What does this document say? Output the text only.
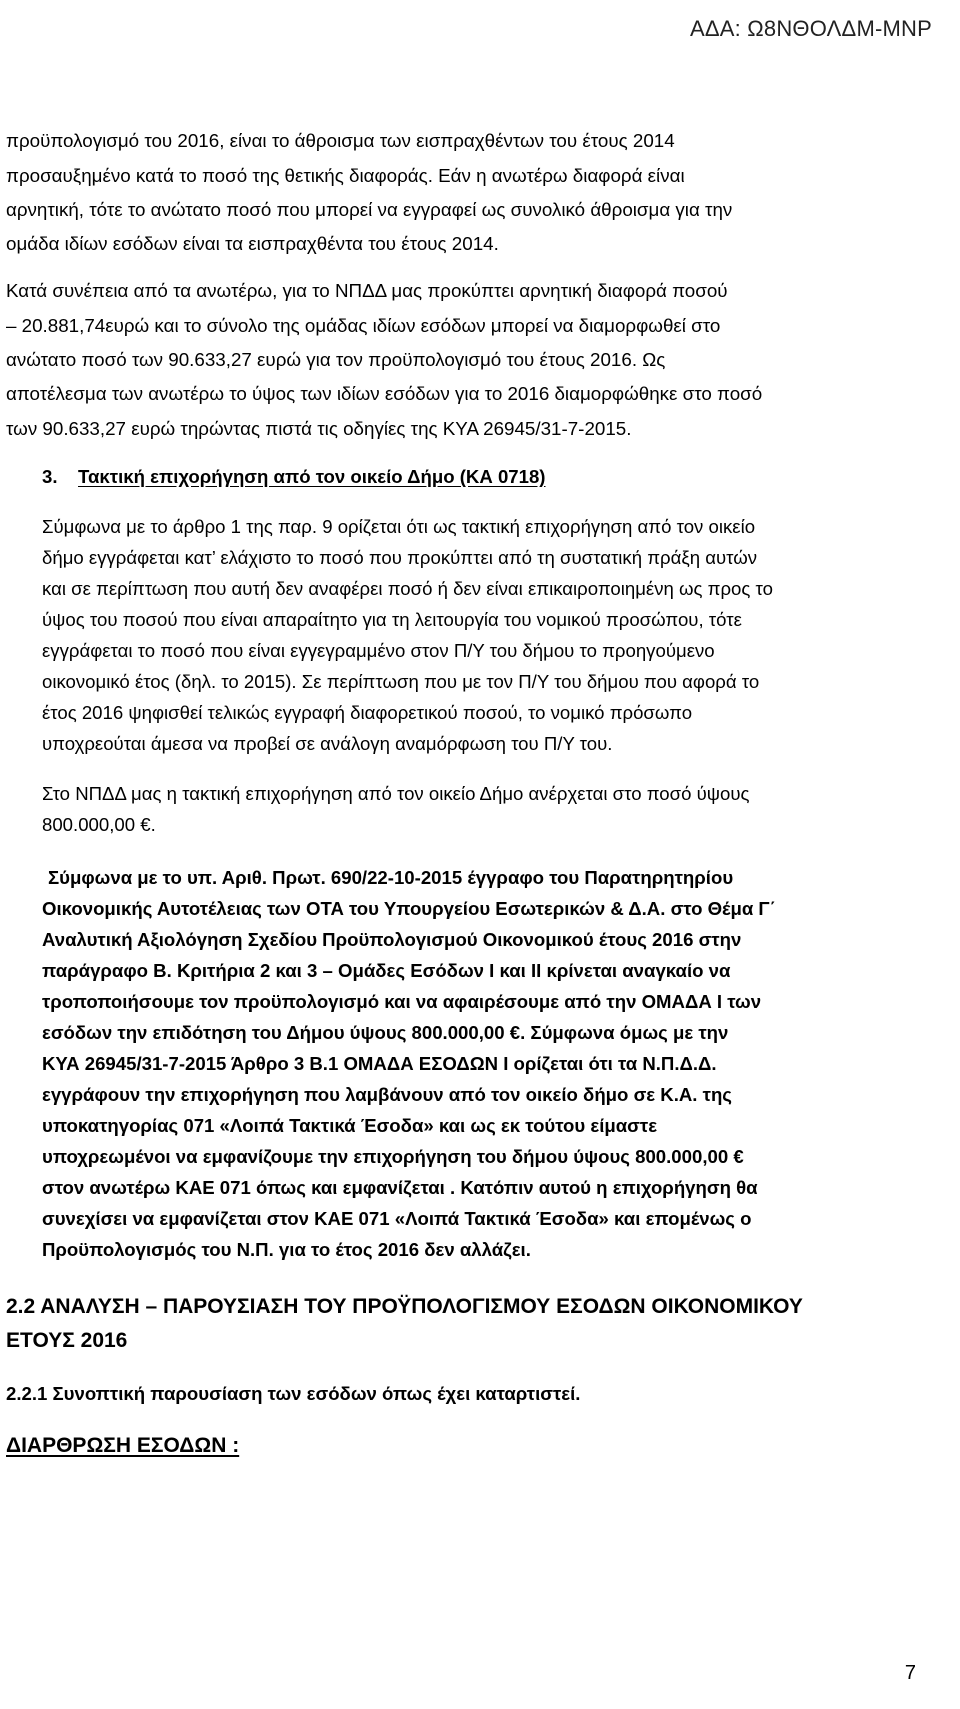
ΑΔΑ: Ω8ΝΘΟΛΔΜ-ΜΝΡ
προϋπολογισμό του 2016, είναι το άθροισμα των εισπραχθέντων του έτους 2014
προσαυξημένο κατά το ποσό της θετικής διαφοράς. Εάν η ανωτέρω διαφορά είναι
αρνητική, τότε το ανώτατο ποσό που μπορεί να εγγραφεί ως συνολικό άθροισμα για την
ομάδα ιδίων εσόδων είναι τα εισπραχθέντα του έτους 2014.
Κατά συνέπεια από τα ανωτέρω, για το ΝΠΔΔ μας προκύπτει αρνητική διαφορά ποσού
– 20.881,74ευρώ και το σύνολο της ομάδας ιδίων εσόδων μπορεί να διαμορφωθεί στο
ανώτατο ποσό των 90.633,27 ευρώ για τον προϋπολογισμό του έτους 2016. Ως
αποτέλεσμα των ανωτέρω το ύψος των ιδίων εσόδων για το 2016 διαμορφώθηκε στο ποσό
των 90.633,27 ευρώ τηρώντας πιστά τις οδηγίες της ΚΥΑ 26945/31-7-2015.
3. Τακτική επιχορήγηση από τον οικείο Δήμο (ΚΑ 0718)
Σύμφωνα με το άρθρο 1 της παρ. 9 ορίζεται ότι ως τακτική επιχορήγηση από τον οικείο
δήμο εγγράφεται κατ’ ελάχιστο το ποσό που προκύπτει από τη συστατική πράξη αυτών
και σε περίπτωση που αυτή δεν αναφέρει ποσό ή δεν είναι επικαιροποιημένη ως προς το
ύψος του ποσού που είναι απαραίτητο για τη λειτουργία του νομικού προσώπου, τότε
εγγράφεται το ποσό που είναι εγγεγραμμένο στον Π/Υ του δήμου το προηγούμενο
οικονομικό έτος (δηλ. το 2015). Σε περίπτωση που με τον Π/Υ του δήμου που αφορά το
έτος 2016 ψηφισθεί τελικώς εγγραφή διαφορετικού ποσού, το νομικό πρόσωπο
υποχρεούται άμεσα να προβεί σε ανάλογη αναμόρφωση του Π/Υ του.
Στο ΝΠΔΔ μας η τακτική επιχορήγηση από τον οικείο Δήμο ανέρχεται στο ποσό ύψους
800.000,00 €.
Σύμφωνα με το υπ. Αριθ. Πρωτ. 690/22-10-2015 έγγραφο του Παρατηρητηρίου
Οικονομικής Αυτοτέλειας των ΟΤΑ του Υπουργείου Εσωτερικών & Δ.Α. στο Θέμα Γ΄
Αναλυτική Αξιολόγηση Σχεδίου Προϋπολογισμού Οικονομικού έτους 2016 στην
παράγραφο Β. Κριτήρια 2 και 3 – Ομάδες Εσόδων Ι και ΙΙ κρίνεται αναγκαίο να
τροποποιήσουμε τον προϋπολογισμό και να αφαιρέσουμε από την ΟΜΑΔΑ Ι των
εσόδων την επιδότηση του Δήμου ύψους 800.000,00 €. Σύμφωνα όμως με την
ΚΥΑ 26945/31-7-2015 Άρθρο 3 Β.1 ΟΜΑΔΑ ΕΣΟΔΩΝ Ι ορίζεται ότι τα Ν.Π.Δ.Δ.
εγγράφουν την επιχορήγηση που λαμβάνουν από τον οικείο δήμο σε Κ.Α. της
υποκατηγορίας 071 «Λοιπά Τακτικά Έσοδα» και ως εκ τούτου είμαστε
υποχρεωμένοι να εμφανίζουμε την επιχορήγηση του δήμου ύψους 800.000,00 €
στον ανωτέρω ΚΑΕ 071 όπως και εμφανίζεται . Κατόπιν αυτού η επιχορήγηση θα
συνεχίσει να εμφανίζεται στον ΚΑΕ 071 «Λοιπά Τακτικά Έσοδα» και επομένως ο
Προϋπολογισμός του Ν.Π. για το έτος 2016 δεν αλλάζει.
2.2 ΑΝΑΛΥΣΗ – ΠΑΡΟΥΣΙΑΣΗ ΤΟΥ ΠΡΟΫΠΟΛΟΓΙΣΜΟΥ ΕΣΟΔΩΝ ΟΙΚΟΝΟΜΙΚΟΥ
ΕΤΟΥΣ 2016
2.2.1 Συνοπτική παρουσίαση των εσόδων όπως έχει καταρτιστεί.
ΔΙΑΡΘΡΩΣΗ ΕΣΟΔΩΝ :
7
